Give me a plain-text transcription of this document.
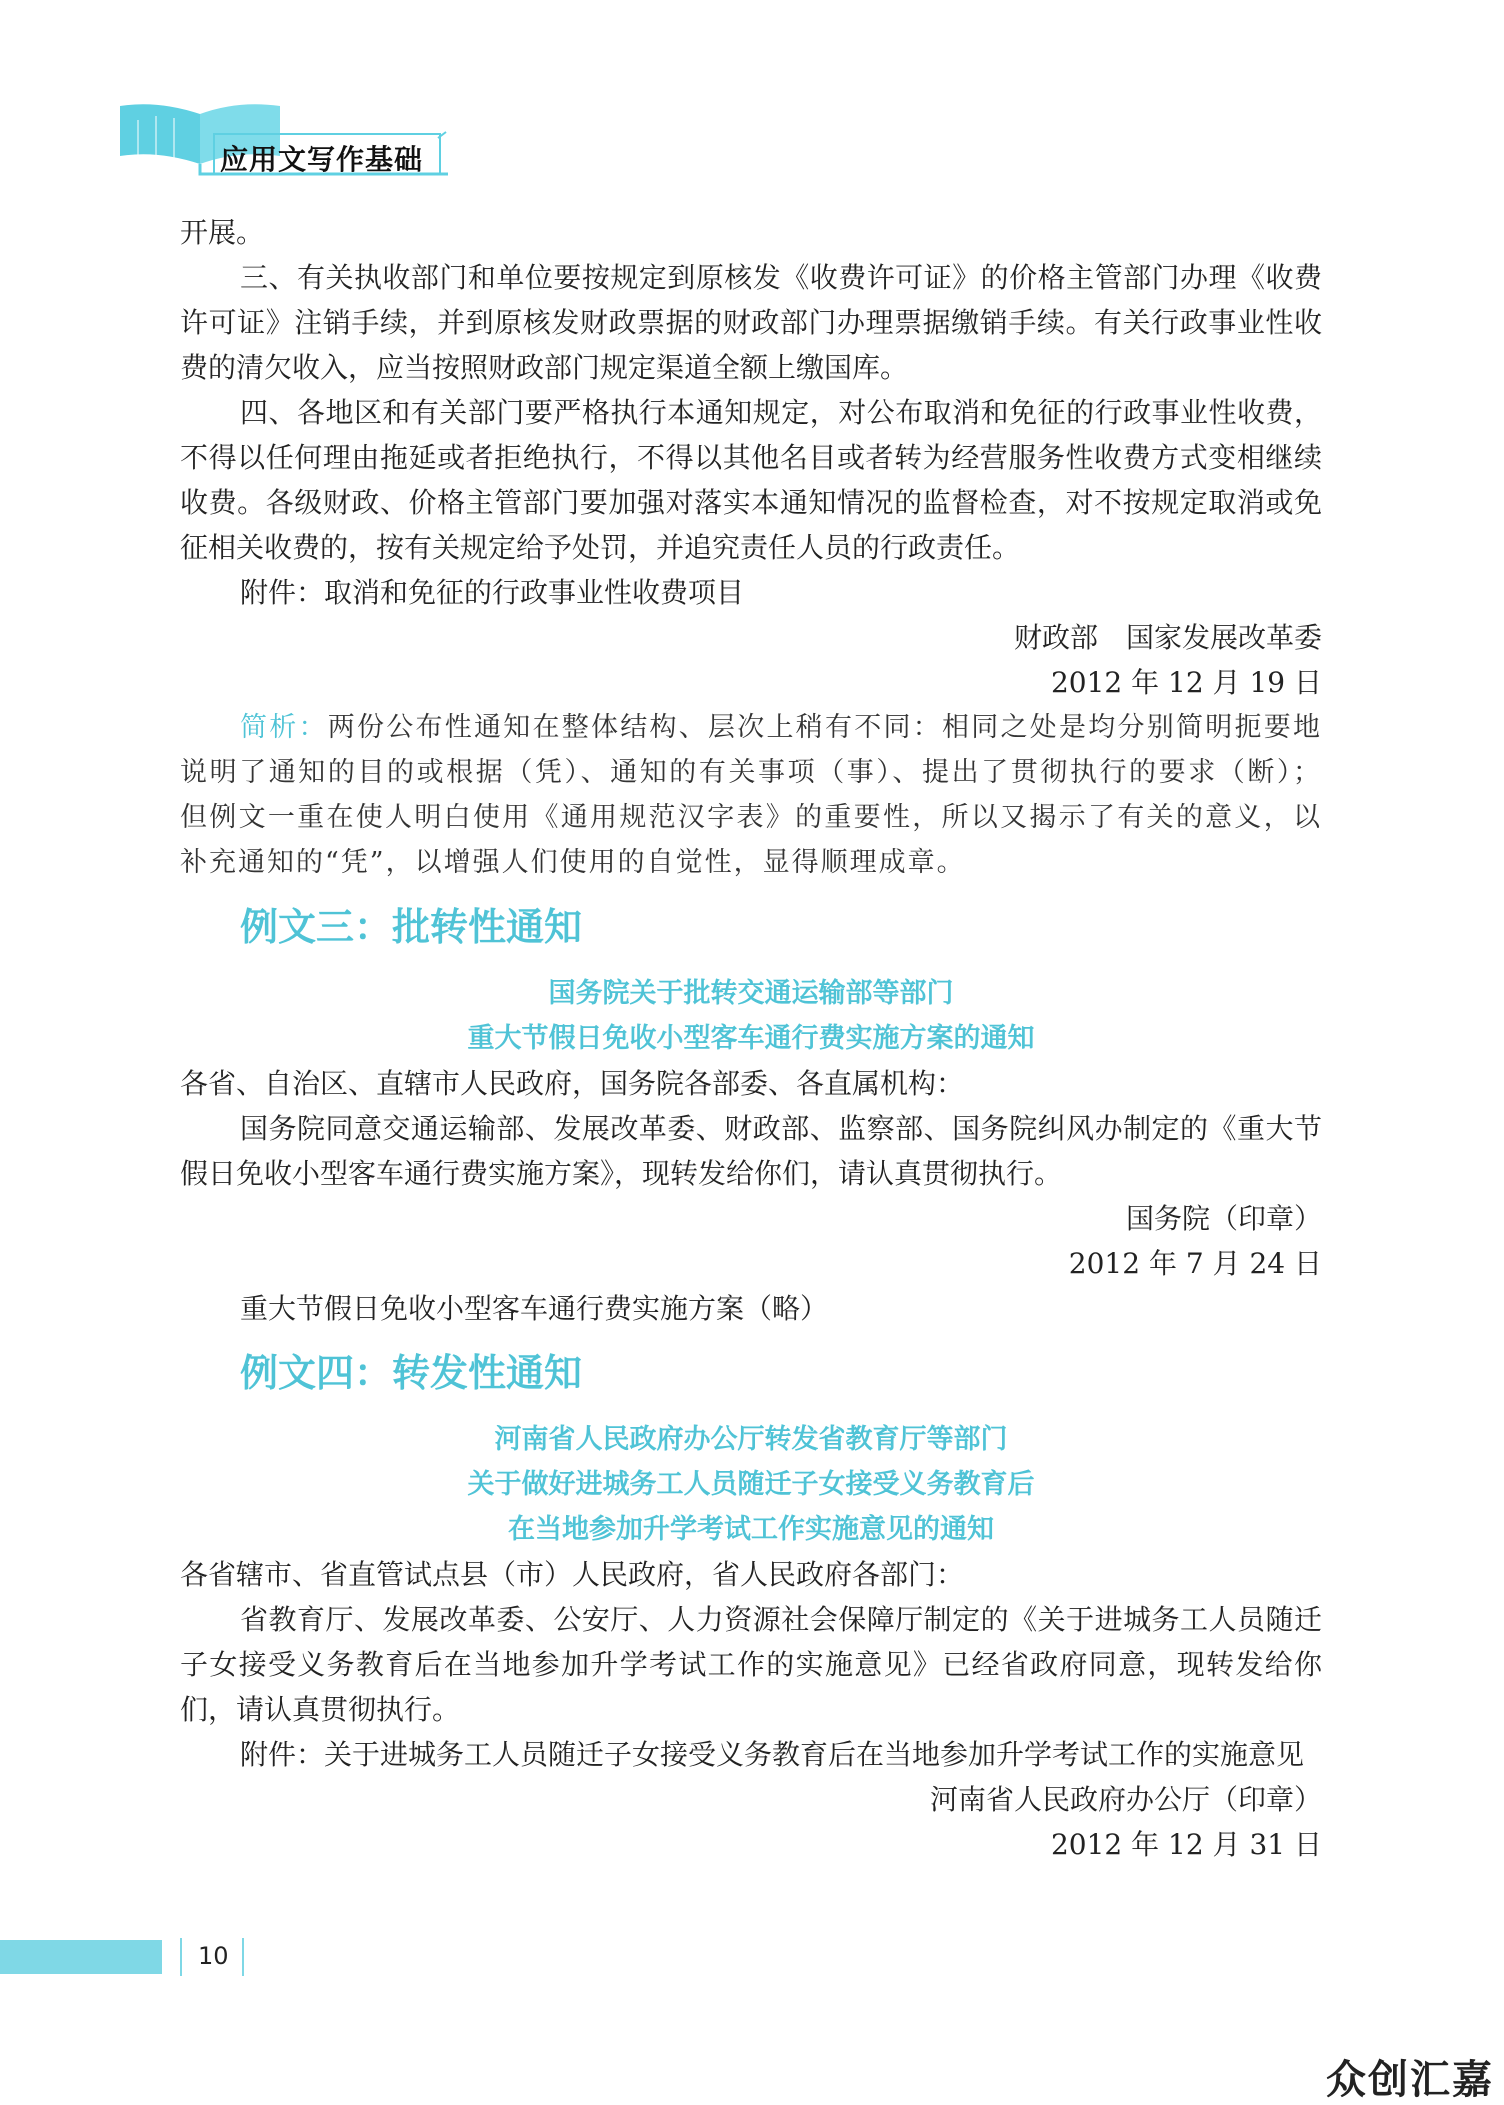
应用文写作基础

开展。

三、有关执收部门和单位要按规定到原核发《收费许可证》的价格主管部门办理《收费许可证》注销手续，并到原核发财政票据的财政部门办理票据缴销手续。有关行政事业性收费的清欠收入，应当按照财政部门规定渠道全额上缴国库。

四、各地区和有关部门要严格执行本通知规定，对公布取消和免征的行政事业性收费，不得以任何理由拖延或者拒绝执行，不得以其他名目或者转为经营服务性收费方式变相继续收费。各级财政、价格主管部门要加强对落实本通知情况的监督检查，对不按规定取消或免征相关收费的，按有关规定给予处罚，并追究责任人员的行政责任。

附件：取消和免征的行政事业性收费项目

财政部　国家发展改革委

2012 年 12 月 19 日

简析：两份公布性通知在整体结构、层次上稍有不同：相同之处是均分别简明扼要地说明了通知的目的或根据（凭）、通知的有关事项（事）、提出了贯彻执行的要求（断）；但例文一重在使人明白使用《通用规范汉字表》的重要性，所以又揭示了有关的意义，以补充通知的“凭”，以增强人们使用的自觉性，显得顺理成章。

例文三：批转性通知

国务院关于批转交通运输部等部门

重大节假日免收小型客车通行费实施方案的通知

各省、自治区、直辖市人民政府，国务院各部委、各直属机构：

国务院同意交通运输部、发展改革委、财政部、监察部、国务院纠风办制定的《重大节假日免收小型客车通行费实施方案》，现转发给你们，请认真贯彻执行。

国务院（印章）

2012 年 7 月 24 日

重大节假日免收小型客车通行费实施方案（略）

例文四：转发性通知

河南省人民政府办公厅转发省教育厅等部门

关于做好进城务工人员随迁子女接受义务教育后

在当地参加升学考试工作实施意见的通知

各省辖市、省直管试点县（市）人民政府，省人民政府各部门：

省教育厅、发展改革委、公安厅、人力资源社会保障厅制定的《关于进城务工人员随迁子女接受义务教育后在当地参加升学考试工作的实施意见》已经省政府同意，现转发给你们，请认真贯彻执行。

附件：关于进城务工人员随迁子女接受义务教育后在当地参加升学考试工作的实施意见

河南省人民政府办公厅（印章）

2012 年 12 月 31 日

10
众创汇嘉
